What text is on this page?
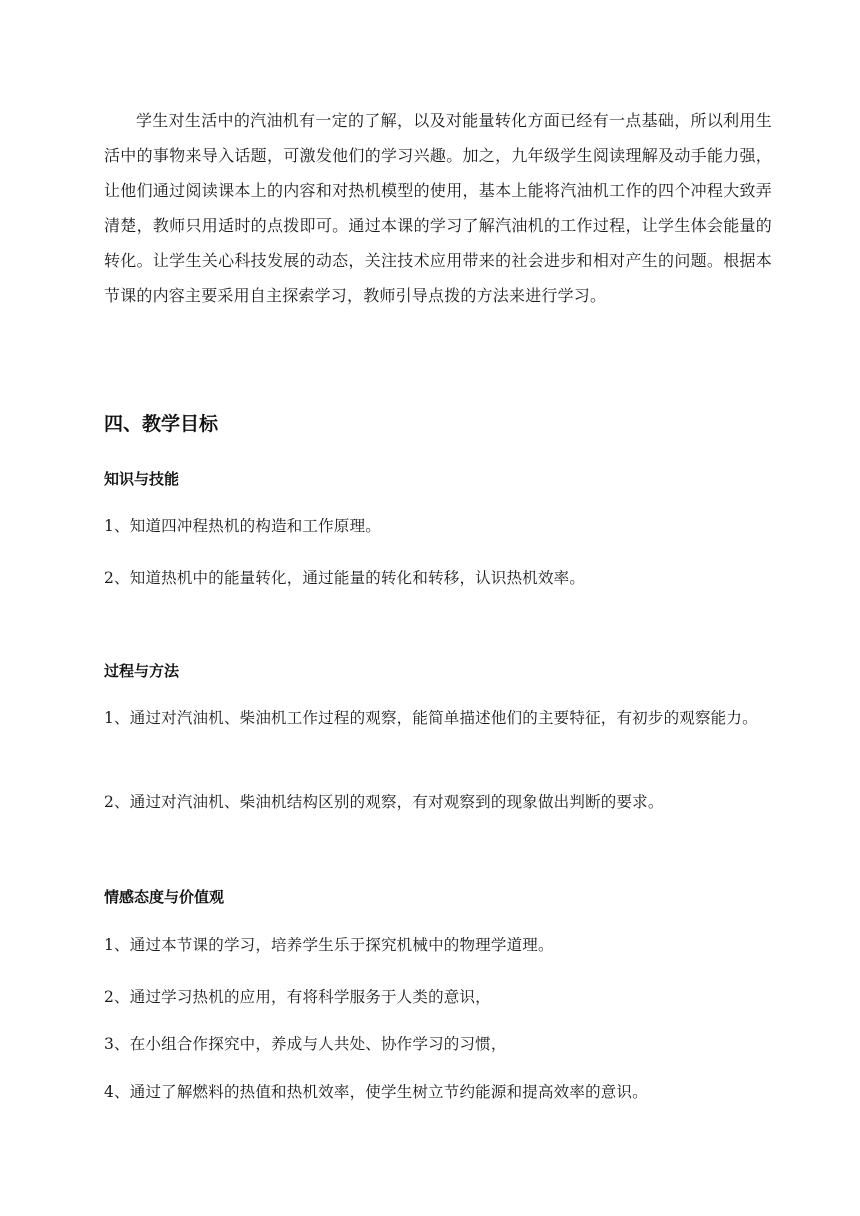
学生对生活中的汽油机有一定的了解，以及对能量转化方面已经有一点基础，所以利用生活中的事物来导入话题，可激发他们的学习兴趣。加之，九年级学生阅读理解及动手能力强，让他们通过阅读课本上的内容和对热机模型的使用，基本上能将汽油机工作的四个冲程大致弄清楚，教师只用适时的点拨即可。通过本课的学习了解汽油机的工作过程，让学生体会能量的转化。让学生关心科技发展的动态，关注技术应用带来的社会进步和相对产生的问题。根据本节课的内容主要采用自主探索学习，教师引导点拨的方法来进行学习。

四、教学目标
知识与技能

1、知道四冲程热机的构造和工作原理。

2、知道热机中的能量转化，通过能量的转化和转移，认识热机效率。

过程与方法

1、通过对汽油机、柴油机工作过程的观察，能简单描述他们的主要特征，有初步的观察能力。

2、通过对汽油机、柴油机结构区别的观察，有对观察到的现象做出判断的要求。

情感态度与价值观

1、通过本节课的学习，培养学生乐于探究机械中的物理学道理。

2、通过学习热机的应用，有将科学服务于人类的意识，

3、在小组合作探究中，养成与人共处、协作学习的习惯，

4、通过了解燃料的热值和热机效率，使学生树立节约能源和提高效率的意识。
